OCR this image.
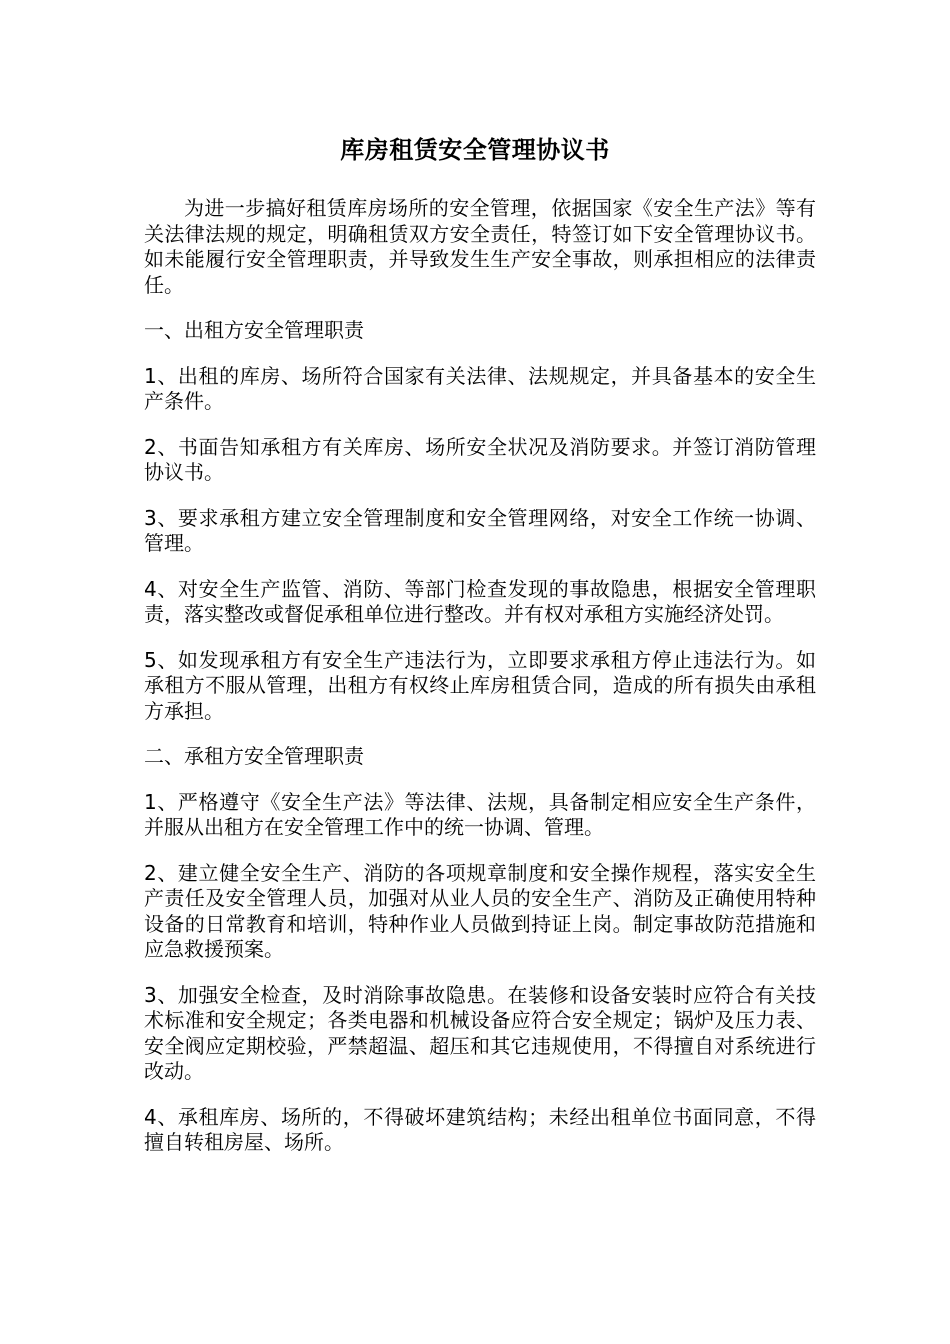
库房租赁安全管理协议书

为进一步搞好租赁库房场所的安全管理，依据国家《安全生产法》等有关法律法规的规定，明确租赁双方安全责任，特签订如下安全管理协议书。如未能履行安全管理职责，并导致发生生产安全事故，则承担相应的法律责任。

一、出租方安全管理职责

1、出租的库房、场所符合国家有关法律、法规规定，并具备基本的安全生产条件。

2、书面告知承租方有关库房、场所安全状况及消防要求。并签订消防管理协议书。

3、要求承租方建立安全管理制度和安全管理网络，对安全工作统一协调、管理。

4、对安全生产监管、消防、等部门检查发现的事故隐患，根据安全管理职责，落实整改或督促承租单位进行整改。并有权对承租方实施经济处罚。

5、如发现承租方有安全生产违法行为，立即要求承租方停止违法行为。如承租方不服从管理，出租方有权终止库房租赁合同，造成的所有损失由承租方承担。

二、承租方安全管理职责

1、严格遵守《安全生产法》等法律、法规，具备制定相应安全生产条件，并服从出租方在安全管理工作中的统一协调、管理。

2、建立健全安全生产、消防的各项规章制度和安全操作规程，落实安全生产责任及安全管理人员，加强对从业人员的安全生产、消防及正确使用特种设备的日常教育和培训，特种作业人员做到持证上岗。制定事故防范措施和应急救援预案。

3、加强安全检查，及时消除事故隐患。在装修和设备安装时应符合有关技术标准和安全规定；各类电器和机械设备应符合安全规定；锅炉及压力表、安全阀应定期校验，严禁超温、超压和其它违规使用，不得擅自对系统进行改动。

4、承租库房、场所的，不得破坏建筑结构；未经出租单位书面同意，不得擅自转租房屋、场所。
